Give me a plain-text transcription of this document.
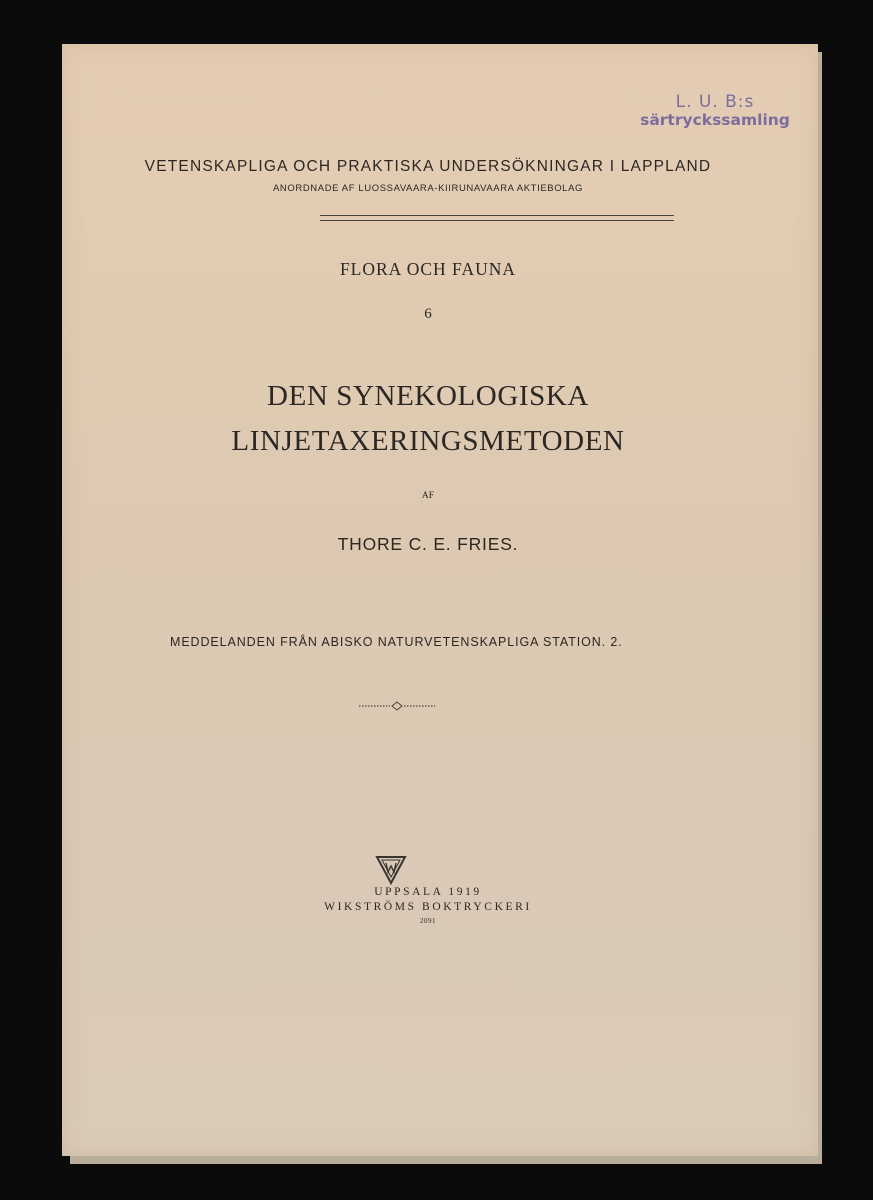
L. U. B:s
särtryckssamling
VETENSKAPLIGA OCH PRAKTISKA UNDERSÖKNINGAR I LAPPLAND
ANORDNADE AF LUOSSAVAARA-KIIRUNAVAARA AKTIEBOLAG
FLORA OCH FAUNA
6
DEN SYNEKOLOGISKA
LINJETAXERINGSMETODEN
AF
THORE C. E. FRIES.
MEDDELANDEN FRÅN ABISKO NATURVETENSKAPLIGA STATION. 2.
UPPSALA 1919
WIKSTRÖMS BOKTRYCKERI
2091
